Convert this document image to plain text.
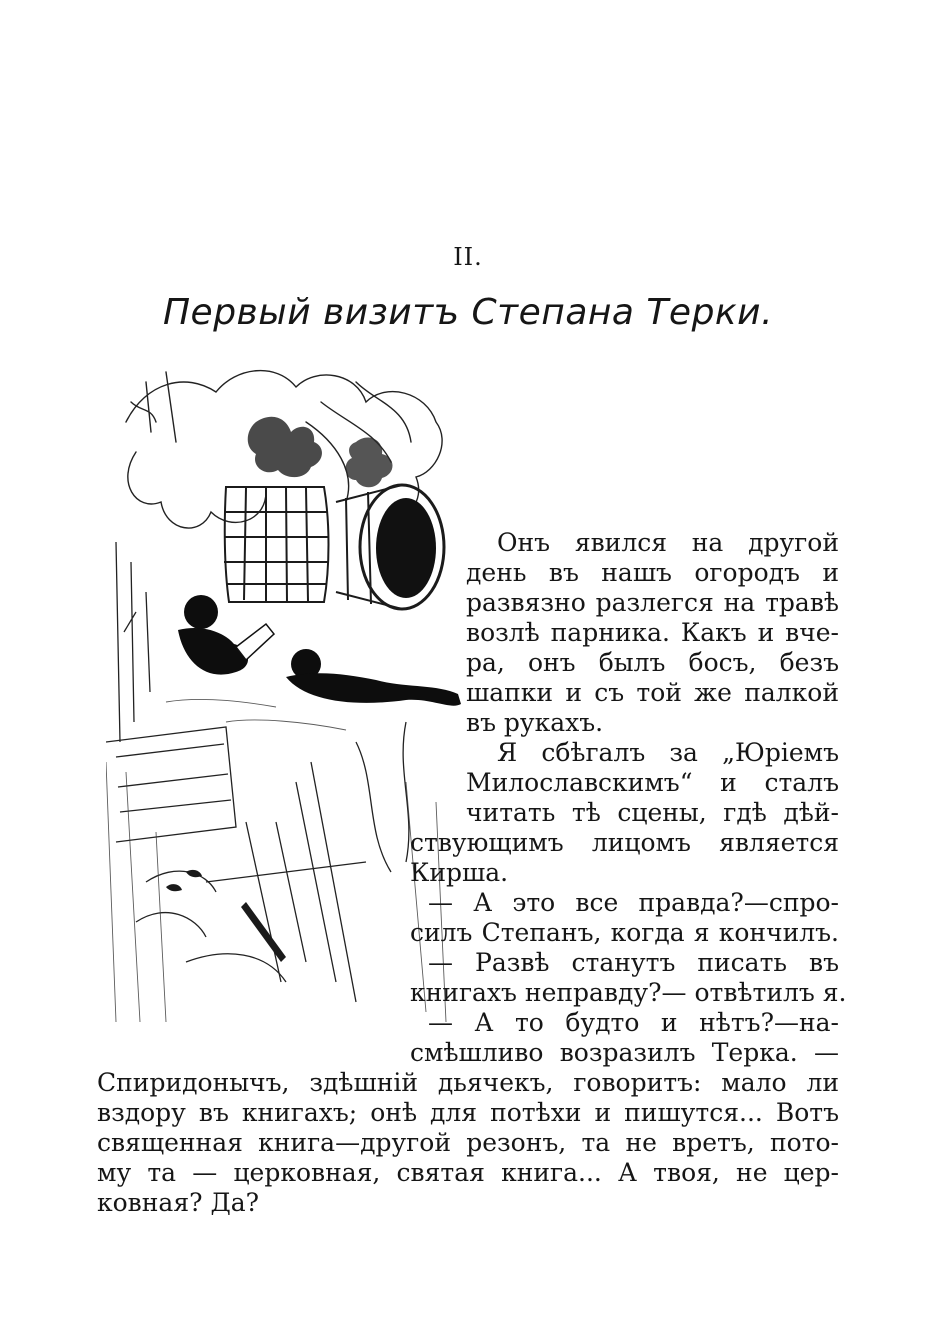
II.
Первый визитъ Степана Терки.
Онъ явился на другой
день въ нашъ огородъ и
развязно разлегся на травѣ
возлѣ парника. Какъ и вче-
ра, онъ былъ босъ, безъ
шапки и съ той же палкой
въ рукахъ.
Я сбѣгалъ за „Юріемъ
Милославскимъ“ и сталъ
читать тѣ сцены, гдѣ дѣй-
ствующимъ лицомъ является
Кирша.
— А это все правда?—спро-
силъ Степанъ, когда я кончилъ.
— Развѣ станутъ писать въ
книгахъ неправду?— отвѣтилъ я.
— А то будто и нѣтъ?—на-
смѣшливо возразилъ Терка. —
Спиридонычъ, здѣшній дьячекъ, говоритъ: мало ли
вздору въ книгахъ; онѣ для потѣхи и пишутся... Вотъ
священная книга—другой резонъ, та не вретъ, пото-
му та — церковная, святая книга... А твоя, не цер-
ковная? Да?
